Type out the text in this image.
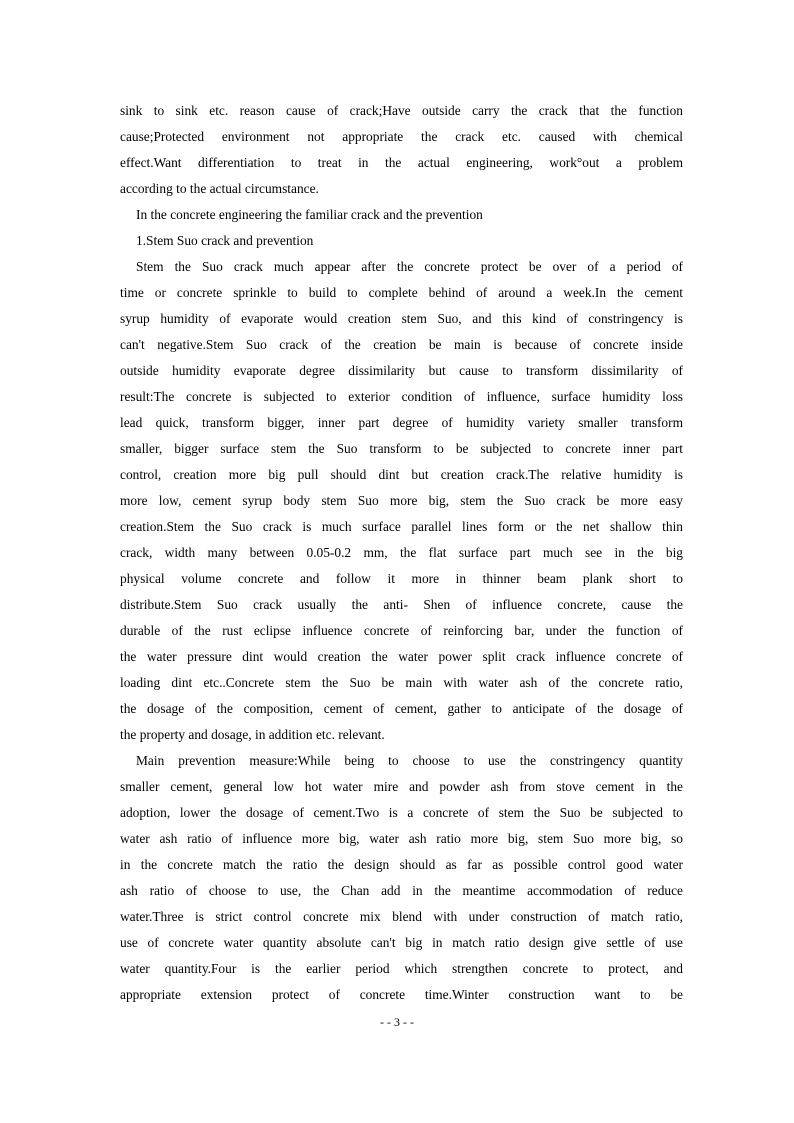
sink to sink etc. reason cause of crack;Have outside carry the crack that the function
cause;Protected environment not appropriate the crack etc. caused with chemical
effect.Want differentiation to treat in the actual engineering, work°out a problem
according to the actual circumstance.
In the concrete engineering the familiar crack and the prevention
1.Stem Suo crack and prevention
Stem the Suo crack much appear after the concrete protect be over of a period of
time or concrete sprinkle to build to complete behind of around a week.In the cement
syrup humidity of evaporate would creation stem Suo, and this kind of constringency is
can't negative.Stem Suo crack of the creation be main is because of concrete inside
outside humidity evaporate degree dissimilarity but cause to transform dissimilarity of
result:The concrete is subjected to exterior condition of influence, surface humidity loss
lead quick, transform bigger, inner part degree of humidity variety smaller transform
smaller, bigger surface stem the Suo transform to be subjected to concrete inner part
control, creation more big pull should dint but creation crack.The relative humidity is
more low, cement syrup body stem Suo more big, stem the Suo crack be more easy
creation.Stem the Suo crack is much surface parallel lines form or the net shallow thin
crack, width many between 0.05-0.2 mm, the flat surface part much see in the big
physical volume concrete and follow it more in thinner beam plank short to
distribute.Stem Suo crack usually the anti- Shen of influence concrete, cause the
durable of the rust eclipse influence concrete of reinforcing bar, under the function of
the water pressure dint would creation the water power split crack influence concrete of
loading dint etc..Concrete stem the Suo be main with water ash of the concrete ratio,
the dosage of the composition, cement of cement, gather to anticipate of the dosage of
the property and dosage, in addition etc. relevant.
Main prevention measure:While being to choose to use the constringency quantity
smaller cement, general low hot water mire and powder ash from stove cement in the
adoption, lower the dosage of cement.Two is a concrete of stem the Suo be subjected to
water ash ratio of influence more big, water ash ratio more big, stem Suo more big, so
in the concrete match the ratio the design should as far as possible control good water
ash ratio of choose to use, the Chan add in the meantime accommodation of reduce
water.Three is strict control concrete mix blend with under construction of match ratio,
use of concrete water quantity absolute can't big in match ratio design give settle of use
water quantity.Four is the earlier period which strengthen concrete to protect, and
appropriate extension protect of concrete time.Winter construction want to be
- - 3 - -
